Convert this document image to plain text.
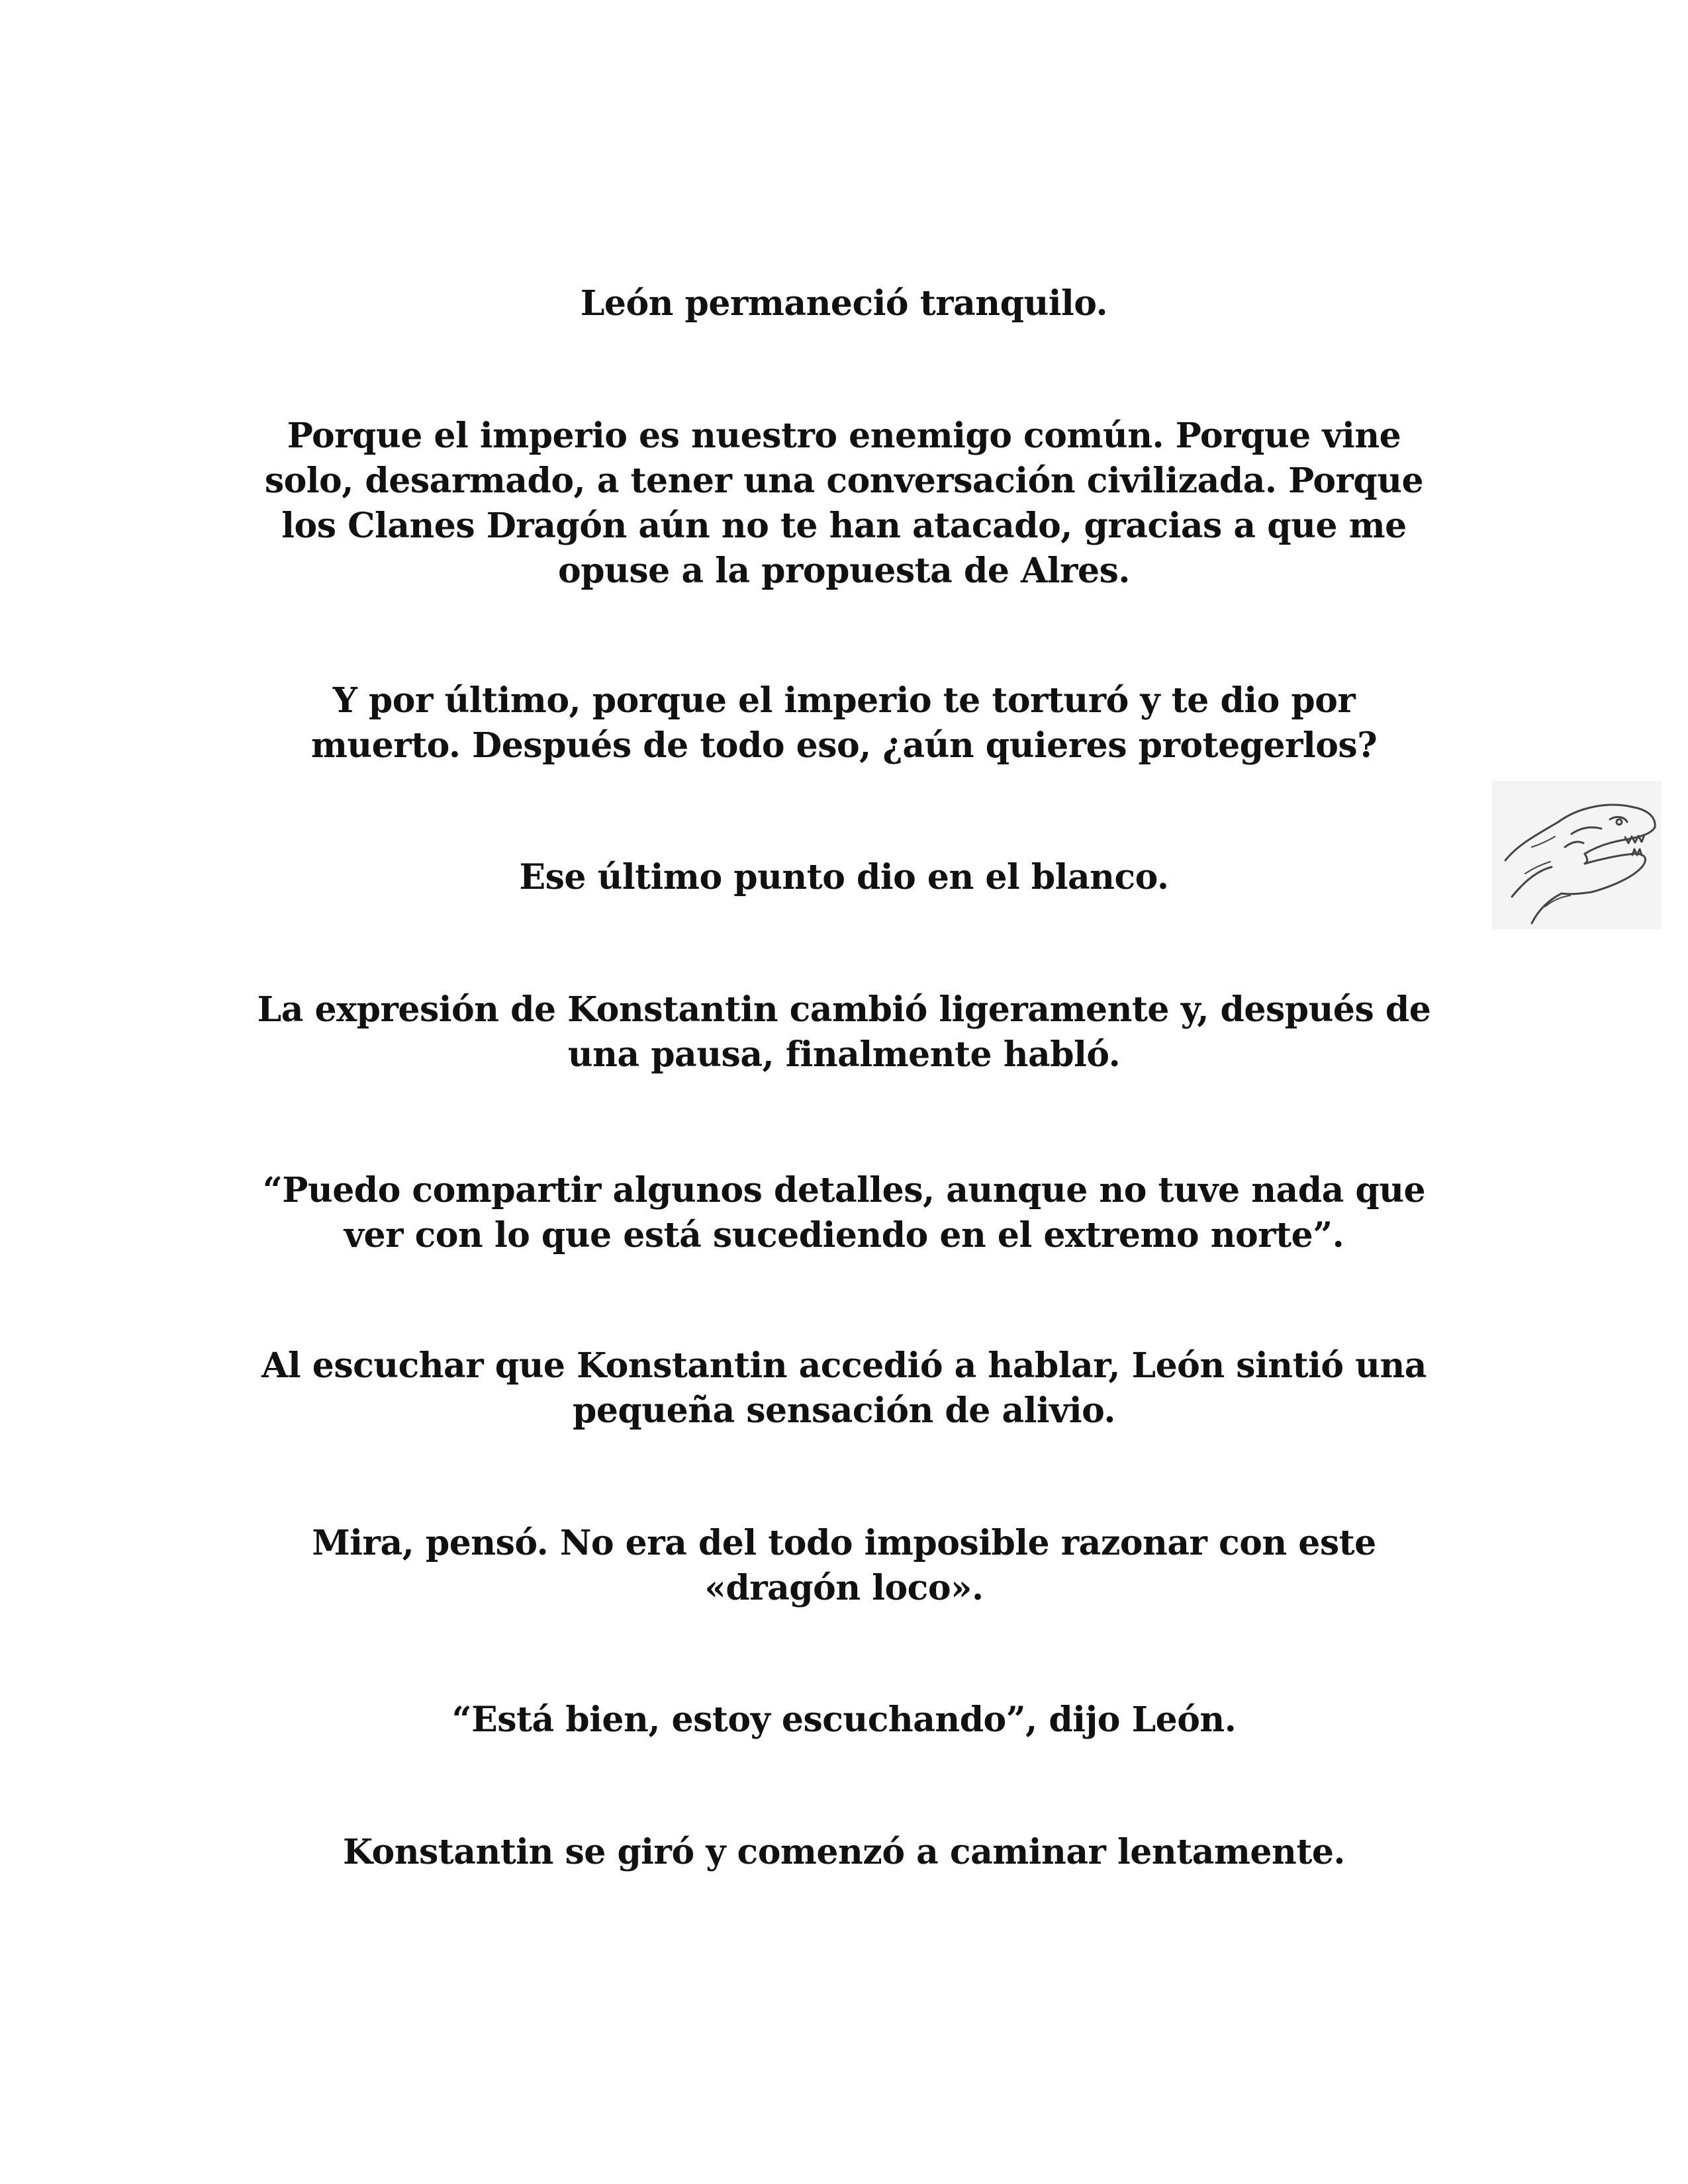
León permaneció tranquilo.
Porque el imperio es nuestro enemigo común. Porque vine
solo, desarmado, a tener una conversación civilizada. Porque
los Clanes Dragón aún no te han atacado, gracias a que me
opuse a la propuesta de Alres.
Y por último, porque el imperio te torturó y te dio por
muerto. Después de todo eso, ¿aún quieres protegerlos?
Ese último punto dio en el blanco.
La expresión de Konstantin cambió ligeramente y, después de
una pausa, finalmente habló.
“Puedo compartir algunos detalles, aunque no tuve nada que
ver con lo que está sucediendo en el extremo norte”.
Al escuchar que Konstantin accedió a hablar, León sintió una
pequeña sensación de alivio.
Mira, pensó. No era del todo imposible razonar con este
«dragón loco».
“Está bien, estoy escuchando”, dijo León.
Konstantin se giró y comenzó a caminar lentamente.
